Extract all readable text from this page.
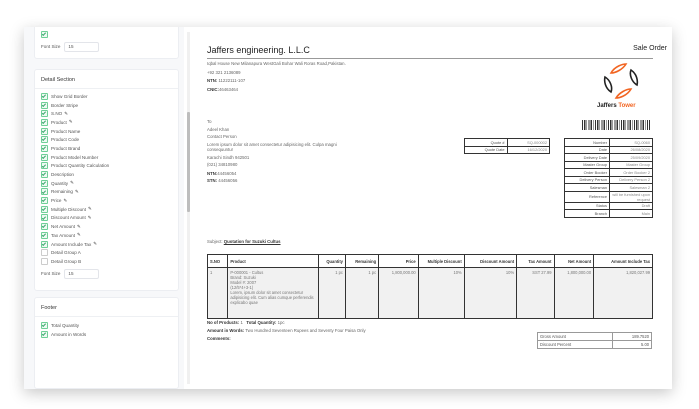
Font Size	15
Detail Section
Show Grid Border
Border Stripe
S.NO ✎
Product ✎
Product Name
Product Code
Product Brand
Product Model Number
Product Quantity Calculation
Description
Quantity ✎
Remaining ✎
Price ✎
Multiple Discount ✎
Discount Amount ✎
Net Amount ✎
Tax Amount ✎
Amount Include Tax ✎
Detail Group A
Detail Group B
Font Size	15
Footer
Total Quantity
Amount in Words
Jaffers engineering. L.L.C	Sale Order
Iqbal House New Milanapura WestGali Bohar Wali Roras Road,Pakistan.
+92 321 2136089
NTN: 11222111-107
CNIC:46463464
Jaffers Tower
To
Adeel Khan
Contact Person
Lorem ipsum dolor sit amet consectetur adipisicing elit. Culpa magni consequuntur
Karachi Sindh 942501
(021) 34810980
NTN:44456054
STN: 44456056
Quote #	SQ-000002
Quote Date	16/12/2020
Number	SQ-0060
Date	26/08/2020
Delivery Date	25/09/2020
Master Group	Master Group
Order Booker	Order Booker 2
Delivery Person	Delivery Person 2
Salesman	Salesman 2
Reference	will be furnished upon request
Status	Draft
Branch	Main
Subject: Quotation for Suzuki Cultus
S.NO	Product	Quantity	Remaining	Price	Multiple Discount	Discount Amount	Tax Amount	Net Amount	Amount Include Tax
1	P-000001 - Cultus
Brand: Suzuki
Model #: 2007
(12/5*4+3-1)
Lorem, ipsum dolor sit amet consectetur adipisicing elit. Cum alias cumque perferendis explicabo quae	1 pc	1 pc	1,800,000.00	10%	10%	SST 27.99	1,800,000.00	1,820,027.99
No of Products: 1 Total Quantity: 1pc
Amount in Words: Two Hundred Seventeen Rupees and Seventy Four Paisa Only
Comments:	Gross Amount	189.7520
Discount Percent	5.00
